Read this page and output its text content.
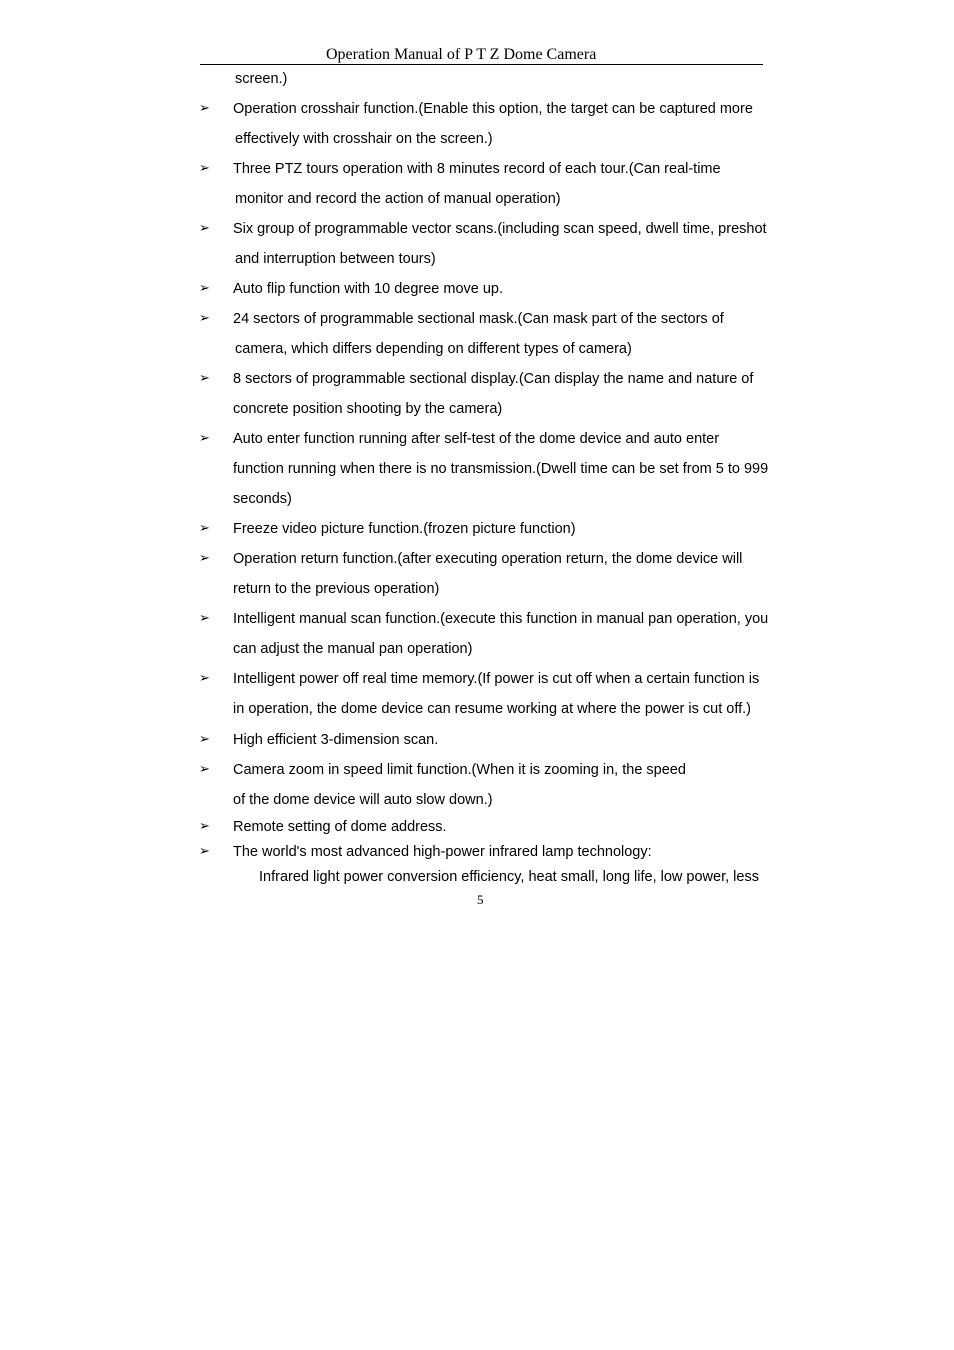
Operation Manual of P T Z Dome Camera
screen.)
➢ Operation crosshair function.(Enable this option, the target can be captured more
effectively with crosshair on the screen.)
➢ Three PTZ tours operation with 8 minutes record of each tour.(Can real-time
monitor and record the action of manual operation)
➢ Six group of programmable vector scans.(including scan speed, dwell time, preshot
and interruption between tours)
➢ Auto flip function with 10 degree move up.
➢ 24 sectors of programmable sectional mask.(Can mask part of the sectors of
camera, which differs depending on different types of camera)
➢ 8 sectors of programmable sectional display.(Can display the name and nature of
concrete position shooting by the camera)
➢ Auto enter function running after self-test of the dome device and auto enter
function running when there is no transmission.(Dwell time can be set from 5 to 999
seconds)
➢ Freeze video picture function.(frozen picture function)
➢ Operation return function.(after executing operation return, the dome device will
return to the previous operation)
➢ Intelligent manual scan function.(execute this function in manual pan operation, you
can adjust the manual pan operation)
➢ Intelligent power off real time memory.(If power is cut off when a certain function is
in operation, the dome device can resume working at where the power is cut off.)
➢ High efficient 3-dimension scan.
➢ Camera zoom in speed limit function.(When it is zooming in, the speed
of the dome device will auto slow down.)
➢ Remote setting of dome address.
➢ The world's most advanced high-power infrared lamp technology:
Infrared light power conversion efficiency, heat small, long life, low power, less
5
